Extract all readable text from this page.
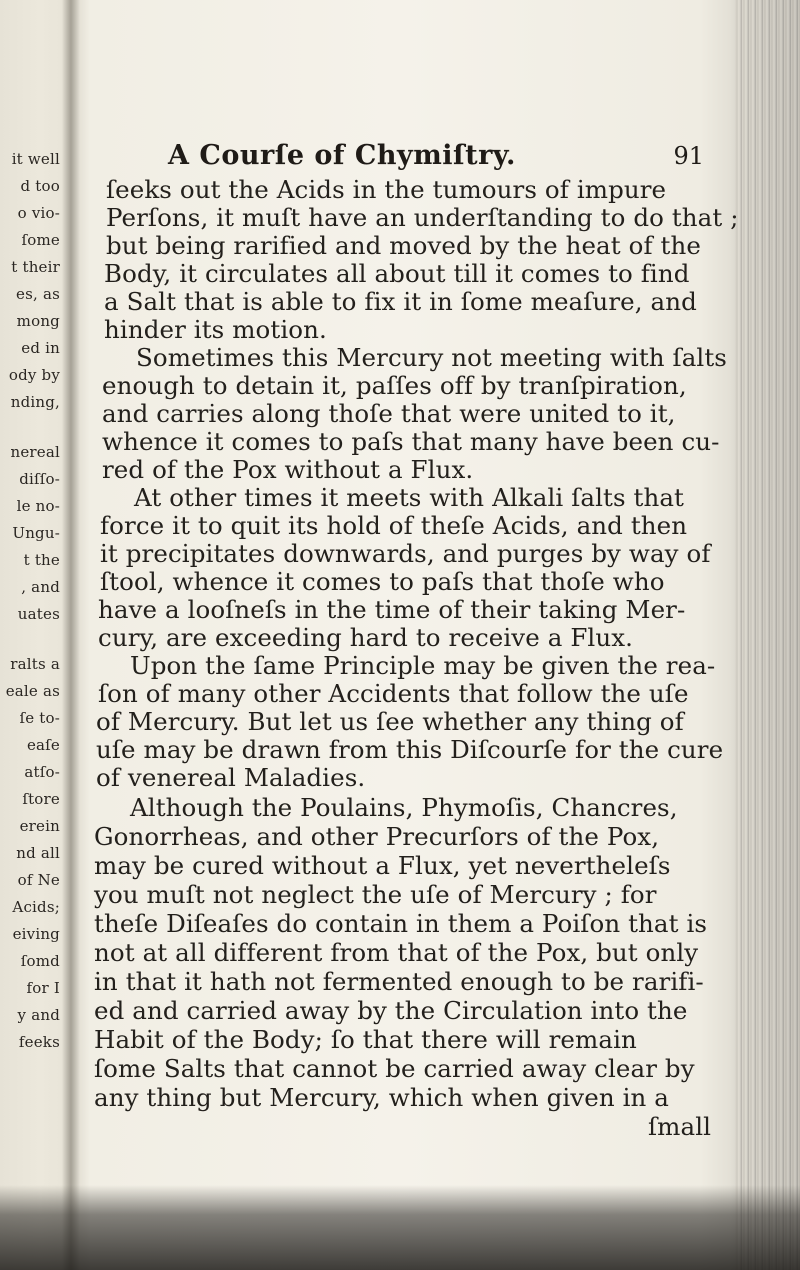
it well
d too
o vio-
ſome
t their
es, as
mong
ed in
ody by
nding,
nereal
diſſo-
le no-
Ungu-
t the
, and
uates
ralts a
eale as
ſe to-
eaſe
atſo-
ſtore
erein
nd all
of Ne
Acids;
eiving
ſomd
for I
y and
feeks
A Courſe of Chymiſtry.	91
ſeeks out the Acids in the tumours of impure
Perſons, it muſt have an underſtanding to do that ;
but being rarified and moved by the heat of the
Body, it circulates all about till it comes to find
a Salt that is able to fix it in ſome meaſure, and
hinder its motion.
Sometimes this Mercury not meeting with ſalts
enough to detain it, paſſes off by tranſpiration,
and carries along thoſe that were united to it,
whence it comes to paſs that many have been cu-
red of the Pox without a Flux.
At other times it meets with Alkali ſalts that
force it to quit its hold of theſe Acids, and then
it precipitates downwards, and purges by way of
ſtool, whence it comes to paſs that thoſe who
have a looſneſs in the time of their taking Mer-
cury, are exceeding hard to receive a Flux.
Upon the ſame Principle may be given the rea-
ſon of many other Accidents that follow the uſe
of Mercury. But let us ſee whether any thing of
uſe may be drawn from this Diſcourſe for the cure
of venereal Maladies.
Although the Poulains, Phymoſis, Chancres,
Gonorrheas, and other Precurſors of the Pox,
may be cured without a Flux, yet nevertheleſs
you muſt not neglect the uſe of Mercury ; for
theſe Diſeaſes do contain in them a Poiſon that is
not at all different from that of the Pox, but only
in that it hath not fermented enough to be rarifi-
ed and carried away by the Circulation into the
Habit of the Body; ſo that there will remain
ſome Salts that cannot be carried away clear by
any thing but Mercury, which when given in a
ſmall
